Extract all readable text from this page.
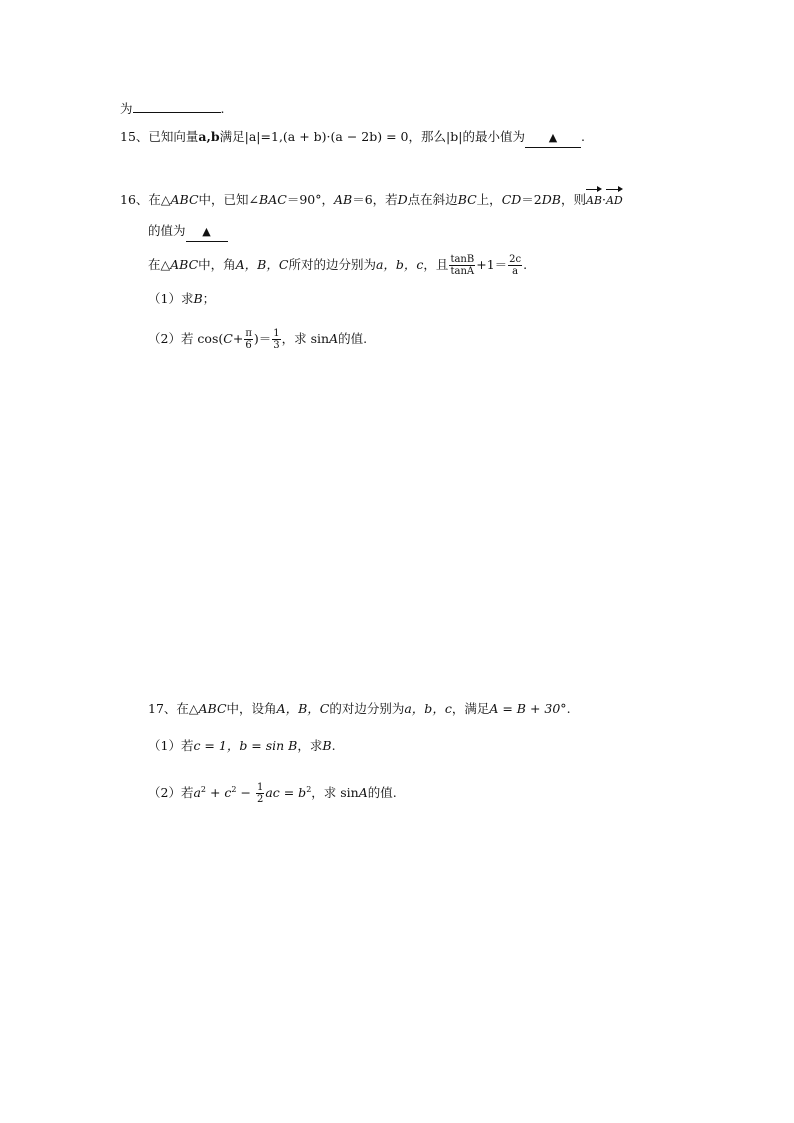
为	.
15、已知向量a,b满足|a|=1,(a + b)·(a − 2b) = 0，那么|b|的最小值为 ▲ .
16、在△ABC中，已知∠BAC＝90°，AB＝6，若D点在斜边BC上，CD＝2DB，则AB·AD
的值为 ▲
在△ABC中，角A，B，C所对的边分别为a，b，c，且 $\frac{\tan B}{\tan A} +1= \frac{2c}{a}$ .
（1）求B；
（2）若 $\cos(C+ \frac{\pi}{6}$ )＝ $\frac{1}{3}$ ，求 sinA的值.
17、在△ABC中，设角A，B，C的对边分别为a，b，c，满足A = B + 30°.
（1）若c = 1，b = sin B，求B.
（2）若$a^2 + c^2 - \frac{1}{2}$ ac = $b^2$，求 sinA的值.
